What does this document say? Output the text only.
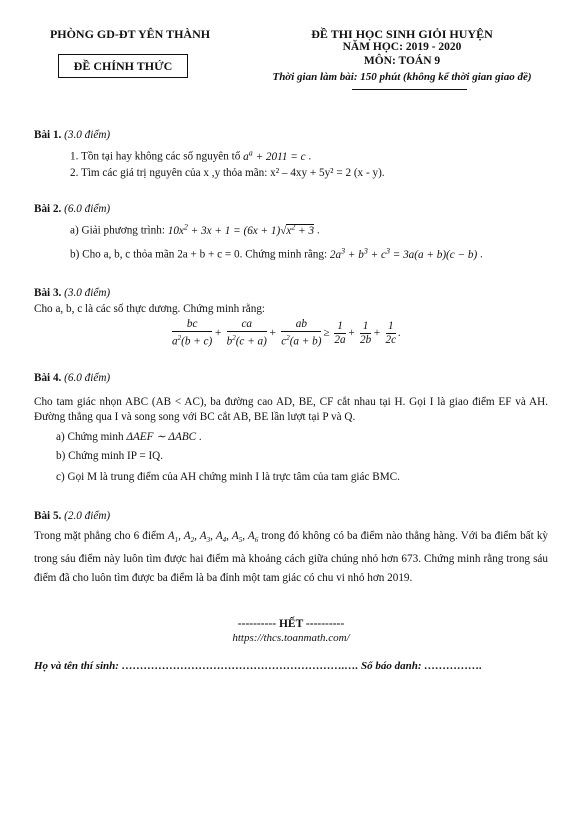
PHÒNG GD-ĐT YÊN THÀNH
ĐỀ CHÍNH THỨC
ĐỀ THI HỌC SINH GIỎI HUYỆN
NĂM HỌC: 2019 - 2020
MÔN: TOÁN 9
Thời gian làm bài: 150 phút (không kể thời gian giao đề)
Bài 1. (3.0 điểm)
1. Tồn tại hay không các số nguyên tố $a^a + 2011 = c$ .
2. Tìm các giá trị nguyên của x ,y thỏa mãn: x² – 4xy + 5y² = 2 (x - y).
Bài 2. (6.0 điểm)
a) Giải phương trình: $10x^2 + 3x + 1 = (6x + 1)√x^2 + 3$ .
b) Cho a, b, c thỏa mãn 2a + b + c = 0. Chứng minh rằng: $2a^3 + b^3 + c^3 = 3a(a + b)(c - b)$ .
Bài 3. (3.0 điểm)
Cho a, b, c là các số thực dương. Chứng minh rằng:
$\frac{bc}{a^2(b + c)} + \frac{ca}{b^2(c + a)} + \frac{ab}{c^2(a + b)} \ge \frac{1}{2a} + \frac{1}{2b} + \frac{1}{2c}$ .
Bài 4. (6.0 điểm)
Cho tam giác nhọn ABC (AB < AC), ba đường cao AD, BE, CF cắt nhau tại H. Gọi I là giao điểm EF và AH. Đường thẳng qua I và song song với BC cắt AB, BE lần lượt tại P và Q.
a) Chứng minh ΔAEF ∼ ΔABC .
b) Chứng minh IP = IQ.
c) Gọi M là trung điểm của AH chứng minh I là trực tâm của tam giác BMC.
Bài 5. (2.0 điểm)
Trong mặt phẳng cho 6 điểm $A_1$, $A_2$, $A_3$, $A_4$, $A_5$, $A_6$ trong đó không có ba điểm nào thẳng hàng. Với ba điểm bất kỳ trong sáu điểm này luôn tìm được hai điểm mà khoảng cách giữa chúng nhỏ hơn 673. Chứng minh rằng trong sáu điểm đã cho luôn tìm được ba điểm là ba đỉnh một tam giác có chu vi nhỏ hơn 2019.
---------- HẾT ----------
https://thcs.toanmath.com/
Họ và tên thí sinh: …………………………………………………….…. Số báo danh: …………….
